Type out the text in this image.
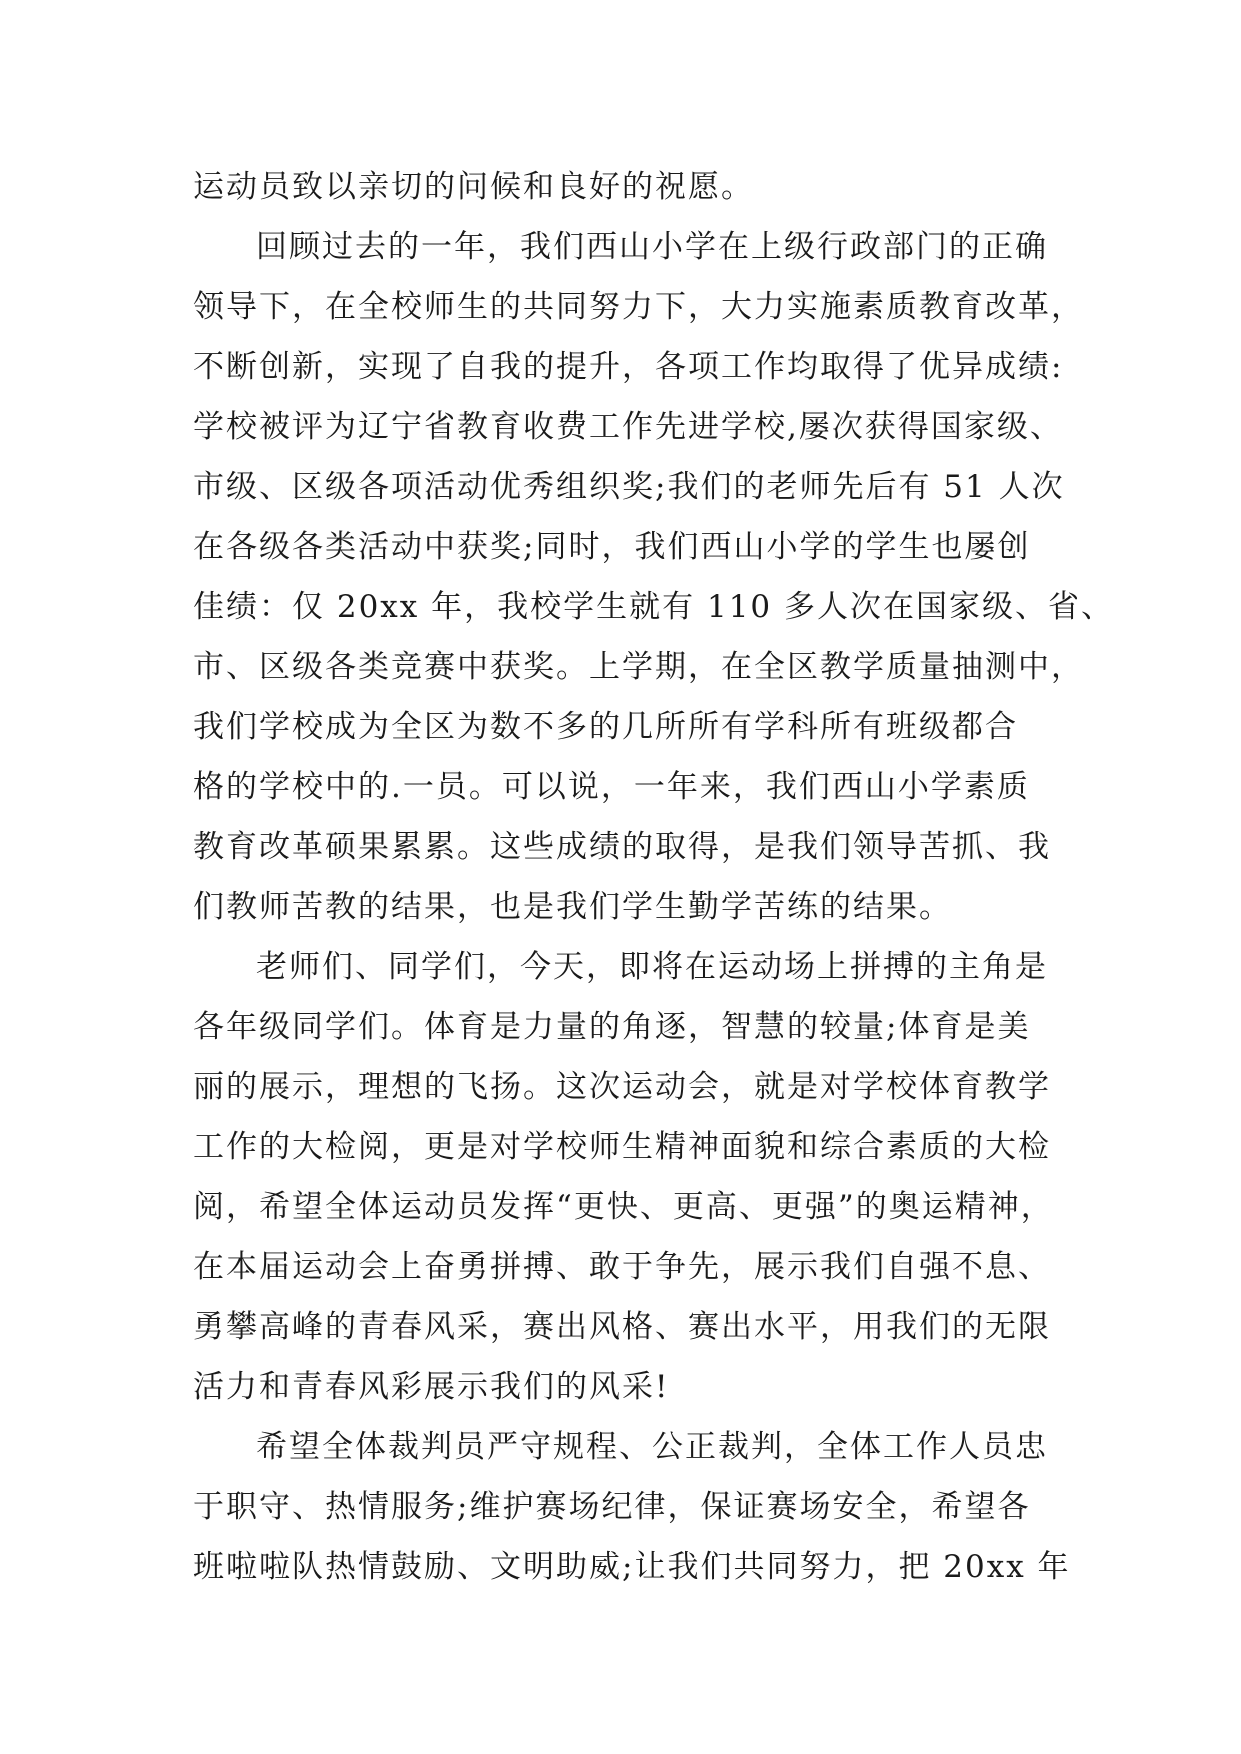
运动员致以亲切的问候和良好的祝愿。
回顾过去的一年，我们西山小学在上级行政部门的正确
领导下，在全校师生的共同努力下，大力实施素质教育改革，
不断创新，实现了自我的提升，各项工作均取得了优异成绩:
学校被评为辽宁省教育收费工作先进学校,屡次获得国家级、
市级、区级各项活动优秀组织奖;我们的老师先后有 51 人次
在各级各类活动中获奖;同时，我们西山小学的学生也屡创
佳绩：仅 20xx 年，我校学生就有 110 多人次在国家级、省、
市、区级各类竞赛中获奖。上学期，在全区教学质量抽测中，
我们学校成为全区为数不多的几所所有学科所有班级都合
格的学校中的.一员。可以说，一年来，我们西山小学素质
教育改革硕果累累。这些成绩的取得，是我们领导苦抓、我
们教师苦教的结果，也是我们学生勤学苦练的结果。
老师们、同学们，今天，即将在运动场上拼搏的主角是
各年级同学们。体育是力量的角逐，智慧的较量;体育是美
丽的展示，理想的飞扬。这次运动会，就是对学校体育教学
工作的大检阅，更是对学校师生精神面貌和综合素质的大检
阅，希望全体运动员发挥“更快、更高、更强”的奥运精神，
在本届运动会上奋勇拼搏、敢于争先，展示我们自强不息、
勇攀高峰的青春风采，赛出风格、赛出水平，用我们的无限
活力和青春风彩展示我们的风采!
希望全体裁判员严守规程、公正裁判，全体工作人员忠
于职守、热情服务;维护赛场纪律，保证赛场安全，希望各
班啦啦队热情鼓励、文明助威;让我们共同努力，把 20xx 年
